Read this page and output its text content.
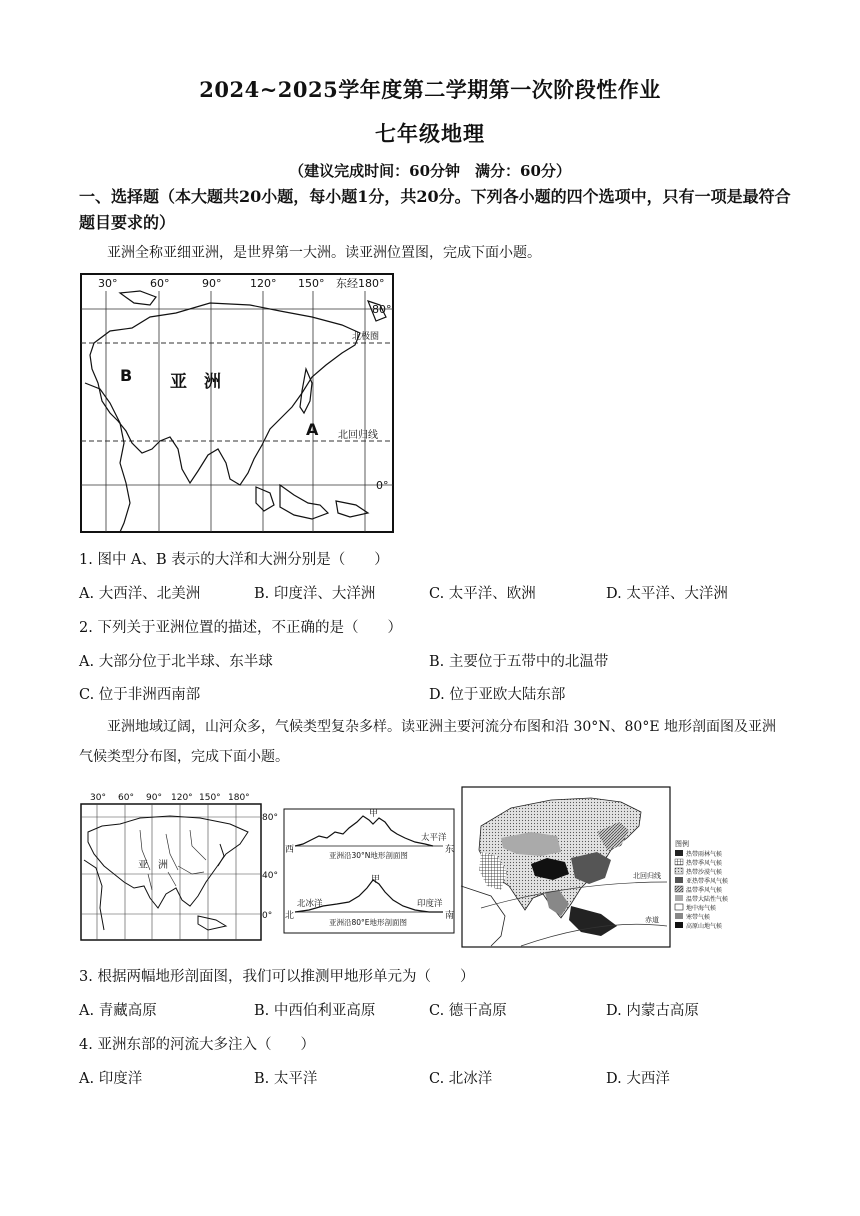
2024~2025学年度第二学期第一次阶段性作业
七年级地理
（建议完成时间：60分钟　满分：60分）
一、选择题（本大题共20小题，每小题1分，共20分。下列各小题的四个选项中，只有一项是最符合题目要求的）
亚洲全称亚细亚洲，是世界第一大洲。读亚洲位置图，完成下面小题。
30°	60°	90°	120° 150° 东经180°
80°
0°
亚　洲
B
A
北极圈
北回归线
1. 图中 A、B 表示的大洋和大洲分别是（　　）
A. 大西洋、北美洲	B. 印度洋、大洋洲	C. 太平洋、欧洲	D. 太平洋、大洋洲
2. 下列关于亚洲位置的描述，不正确的是（　　）
A. 大部分位于北半球、东半球	B. 主要位于五带中的北温带
C. 位于非洲西南部	D. 位于亚欧大陆东部
亚洲地域辽阔，山河众多，气候类型复杂多样。读亚洲主要河流分布图和沿 30°N、80°E 地形剖面图及亚洲气候类型分布图，完成下面小题。
30° 60° 90° 120° 150° 180°
80°
40°
0°
亚　洲
甲
西	东
太平洋
亚洲沿30°N地形剖面图
甲
北	南
北冰洋	印度洋
亚洲沿80°E地形剖面图
北回归线
赤道
图例
热带雨林气候
热带季风气候
热带沙漠气候
亚热带季风气候
温带季风气候
温带大陆性气候
地中海气候
寒带气候
高原山地气候
3. 根据两幅地形剖面图，我们可以推测甲地形单元为（　　）
A. 青藏高原	B. 中西伯利亚高原	C. 德干高原	D. 内蒙古高原
4. 亚洲东部的河流大多注入（　　）
A. 印度洋	B. 太平洋	C. 北冰洋	D. 大西洋
